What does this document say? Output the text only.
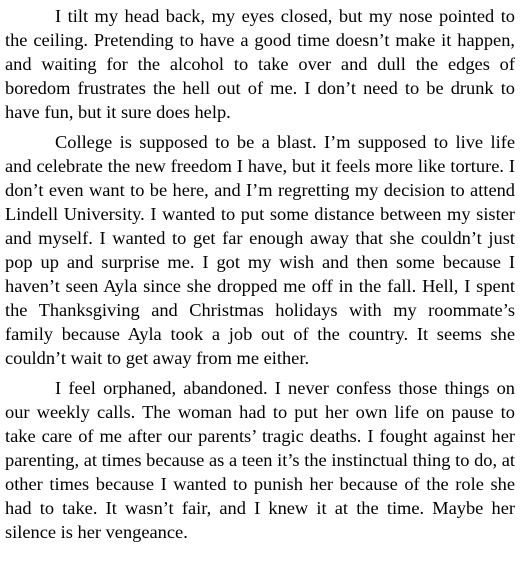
I tilt my head back, my eyes closed, but my nose pointed to the ceiling. Pretending to have a good time doesn’t make it happen, and waiting for the alcohol to take over and dull the edges of boredom frustrates the hell out of me. I don’t need to be drunk to have fun, but it sure does help.

College is supposed to be a blast. I’m supposed to live life and celebrate the new freedom I have, but it feels more like torture. I don’t even want to be here, and I’m regretting my decision to attend Lindell University. I wanted to put some distance between my sister and myself. I wanted to get far enough away that she couldn’t just pop up and surprise me. I got my wish and then some because I haven’t seen Ayla since she dropped me off in the fall. Hell, I spent the Thanksgiving and Christmas holidays with my roommate’s family because Ayla took a job out of the country. It seems she couldn’t wait to get away from me either.

I feel orphaned, abandoned. I never confess those things on our weekly calls. The woman had to put her own life on pause to take care of me after our parents’ tragic deaths. I fought against her parenting, at times because as a teen it’s the instinctual thing to do, at other times because I wanted to punish her because of the role she had to take. It wasn’t fair, and I knew it at the time. Maybe her silence is her vengeance.
